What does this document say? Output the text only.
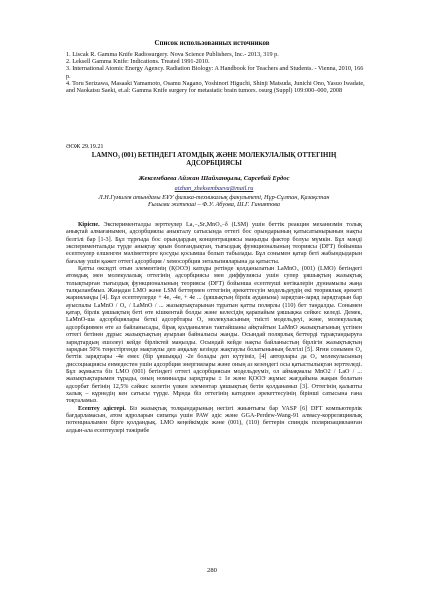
Список использованных источников
1. Liscak R. Gamma Knife Radiosurgery. Nova Science Publishers, Inc.- 2013, 319 p.
2. Leksell Gamma Knife: Indications. Treated 1991-2010.
3. International Atomic Energy Agency. Radiation Biology: A Handbook for Teachers and Students. - Vienna, 2010, 166 p.
4. Toru Serizawa, Masaaki Yamamoto, Osamu Nagano, Yoshinori Higuchi, Shinji Matsuda, Junichi Ono, Yasuo Iwadate, and Naokatsu Saeki, et.al: Gamma Knife surgery for metastatic brain tumors. osurg (Suppl) 109:000–000, 2008
ӘОЖ 29.19.21
LAMNO₃ (001) БЕТІНДЕГІ АТОМДЫҚ ЖӘНЕ МОЛЕКУЛАЛЫҚ ОТТЕГІНІҢ АДСОРБЦИЯСЫ
Жексембаева Айжан Шайханқызы, Сарсебай Ердос
aizhan_zheksembaeva@mail.ru
Л.Н.Гумилев атындағы ЕҰУ физика-техникалық факультеті, Нұр-Сұлтан, Қазақстан
Ғылыми жетекші – Ф.У. Абуова, Ш.Г. Гиниятова

Кіріспе. Эксперименталды зерттеулер La₁₋ₓSrₓMnO₃₋δ (LSM) ушін беттік реакция механизмін толық анықтай алмағанымен, адсорбциялы аныкталу сатысында оттегі бос орындарының қатысатынырынын нақты белгілі бар [1-3]. Бұл тұрғыда бос орындардың концентрациясы маңызды фактор болуы мүмкін. Бұл мәнді экспериментальды түрде анықтау қиын болғандықтан, тығыздық функционалының теориясы (DFT) бойынша есептеулер елшенген мәліметтерге қосуды қосымша болып табылады. Бұл сонымен қатар беті жабындыдарын бағалау ушін қажет оттегі адсорбция / хемосорбция энтальпияларына да қатысты.

Қатты оксидті отын элементінің (ҚООЭ) катоды ретінде қолданылатын LaMnO₃ (001) (LMO) бетіндегі атомдық мен молекулалық оттегінің адсорбциясы мен диффузиясы ушін супер ұяшықтың жазықтық толықтырған тығыздық функционалының теориясы (DFT) бойынша есептеушi көтікалерін дүниамызы жаңа талқыланбмыз. Жаңадан LMO және LSM беттермен оттегінің әрекеттесуін модельдеудің екі теориялық әрекеті жарияланды [4]. Бұл есептеулерде + 4e, -4e, + 4e ... (ұяшықтың бірлік ауданына) зарядтан-заряд зарядтарын бар ауыспалы LaMnO / O₂ / LaMnO / ... жазықтықтарынан тұратын қатты полярлы (110) бет таңдалды. Сонымен қатар, бірлік ұяшықтың беті өте кішкентай болды және келесідің қарапайым ұяшықжа сейкес келеді. Демек, LaMnO-ша адсорбциялары беткі адсорбтары O₂ молекуласының тиісті модельдеуі, және, молекулалық адсорбциямен өте аз байланысады, бірақ қолданылған тактайшаны айқтайтын LaMnO жазықтығының үстінен оттегі бетінен дұрыс жазықтықтың ауырлан байналысы жанды. Осындай полярлық беттерді тұрақтандыруға зарядтардың ешолеуі кейде бірліктей маңызды. Осындай кейде нақты байланыстың бірлігін жазықтықтың зарядын 50% теңестіргенде мақтаулы деп аңқалау кезінде жақтаулы болатынының белгілі [5]. Яғни сонымен O₂ беттік зарядтары -4e емес (бір ұяшыққа) -2e болады деп күтуіміз, [4] авторлары да O₂ молекуласының диссоциациясы енмедестен ушін адсорбция энергиялары және оның аз кезеңдегі осы қатыстылықтан зерттеледі. Бұл жұмыста біз LMO (001) бетіндегі оттегі адсорбциясын модельдеуміз, ол аймақмалы MnO2 / LaO / ... жазықтықтарымен тұрады, оның номиналды зарядтары ± 1e және ҚООЭ жұмыс жағдайына жақын болатын адсорбат бетінің 12,5% сәйкес келетін үлкен элементар ұяшықтың бетін қолданамыз [3]. Оттегінің қалыпты халық – кұрнедің кен сатысы түрде. Мұнда біз оттегінің катодпен әрекеттесуінің бірінші сатысына ғана тоқталамыз.

Есептеу әдістері. Біз жазықтық толқындарының негізгі жиынтығы бар VASP [6] DFT компьютерлік бағдарламасын, атом ядроларын сипатқа ушін PAW әдіс және GGA-Perdew-Wang-91 алмасу-корреляциялық потенциалымен бірге қолдандық. LMO кеңейкімдік және (001), (110) беттерін спиндік поляризацияланған алдын-ала есептеулері тәжірибе

280
